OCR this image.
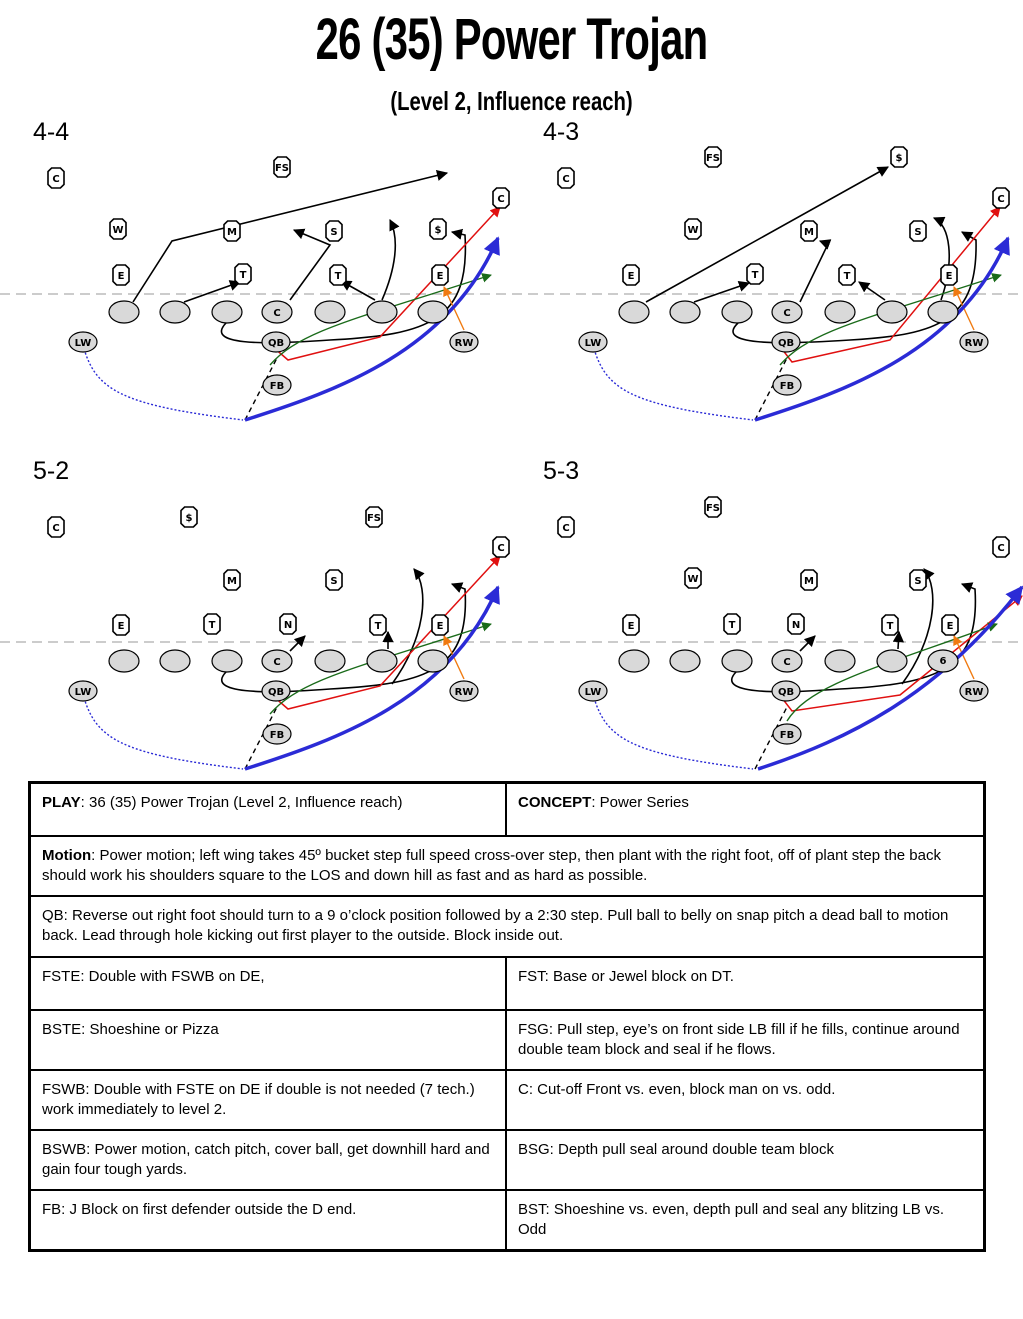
26 (35) Power Trojan
(Level 2, Influence reach)
4-4	4-3
5-2	5-3
C
LW	QB	RW
FB
C
FS
C
W	M	S	$
E	T	T	E
C
LW	QB	RW
FB
C
FS	$
C
W	M	S
E	T	T	E
C
LW	QB	RW
FB
C
$	FS
C
M	S
E	T	N	T	E
C	6
LW	QB	RW
FB
C
FS
C
W	M	S
E	T	N	T	E
PLAY: 36 (35) Power Trojan (Level 2, Influence reach)	CONCEPT: Power Series
Motion: Power motion; left wing takes 45º bucket step full speed cross-over step, then plant with the right foot, off of plant step the back should work his shoulders square to the LOS and down hill as fast and as hard as possible.	
QB: Reverse out right foot should turn to a 9 o’clock position followed by a 2:30 step. Pull ball to belly on snap pitch a dead ball to motion back. Lead through hole kicking out first player to the outside. Block inside out.	
FSTE: Double with FSWB on DE,	FST: Base or Jewel block on DT.
BSTE: Shoeshine or Pizza	FSG: Pull step, eye’s on front side LB fill if he fills, continue around double team block and seal if he flows.
FSWB: Double with FSTE on DE if double is not needed (7 tech.) work immediately to level 2.	C: Cut-off Front vs. even, block man on vs. odd.
BSWB: Power motion, catch pitch, cover ball, get downhill hard and gain four tough yards.	BSG: Depth pull seal around double team block
FB: J Block on first defender outside the D end.	BST: Shoeshine vs. even, depth pull and seal any blitzing LB vs. Odd
